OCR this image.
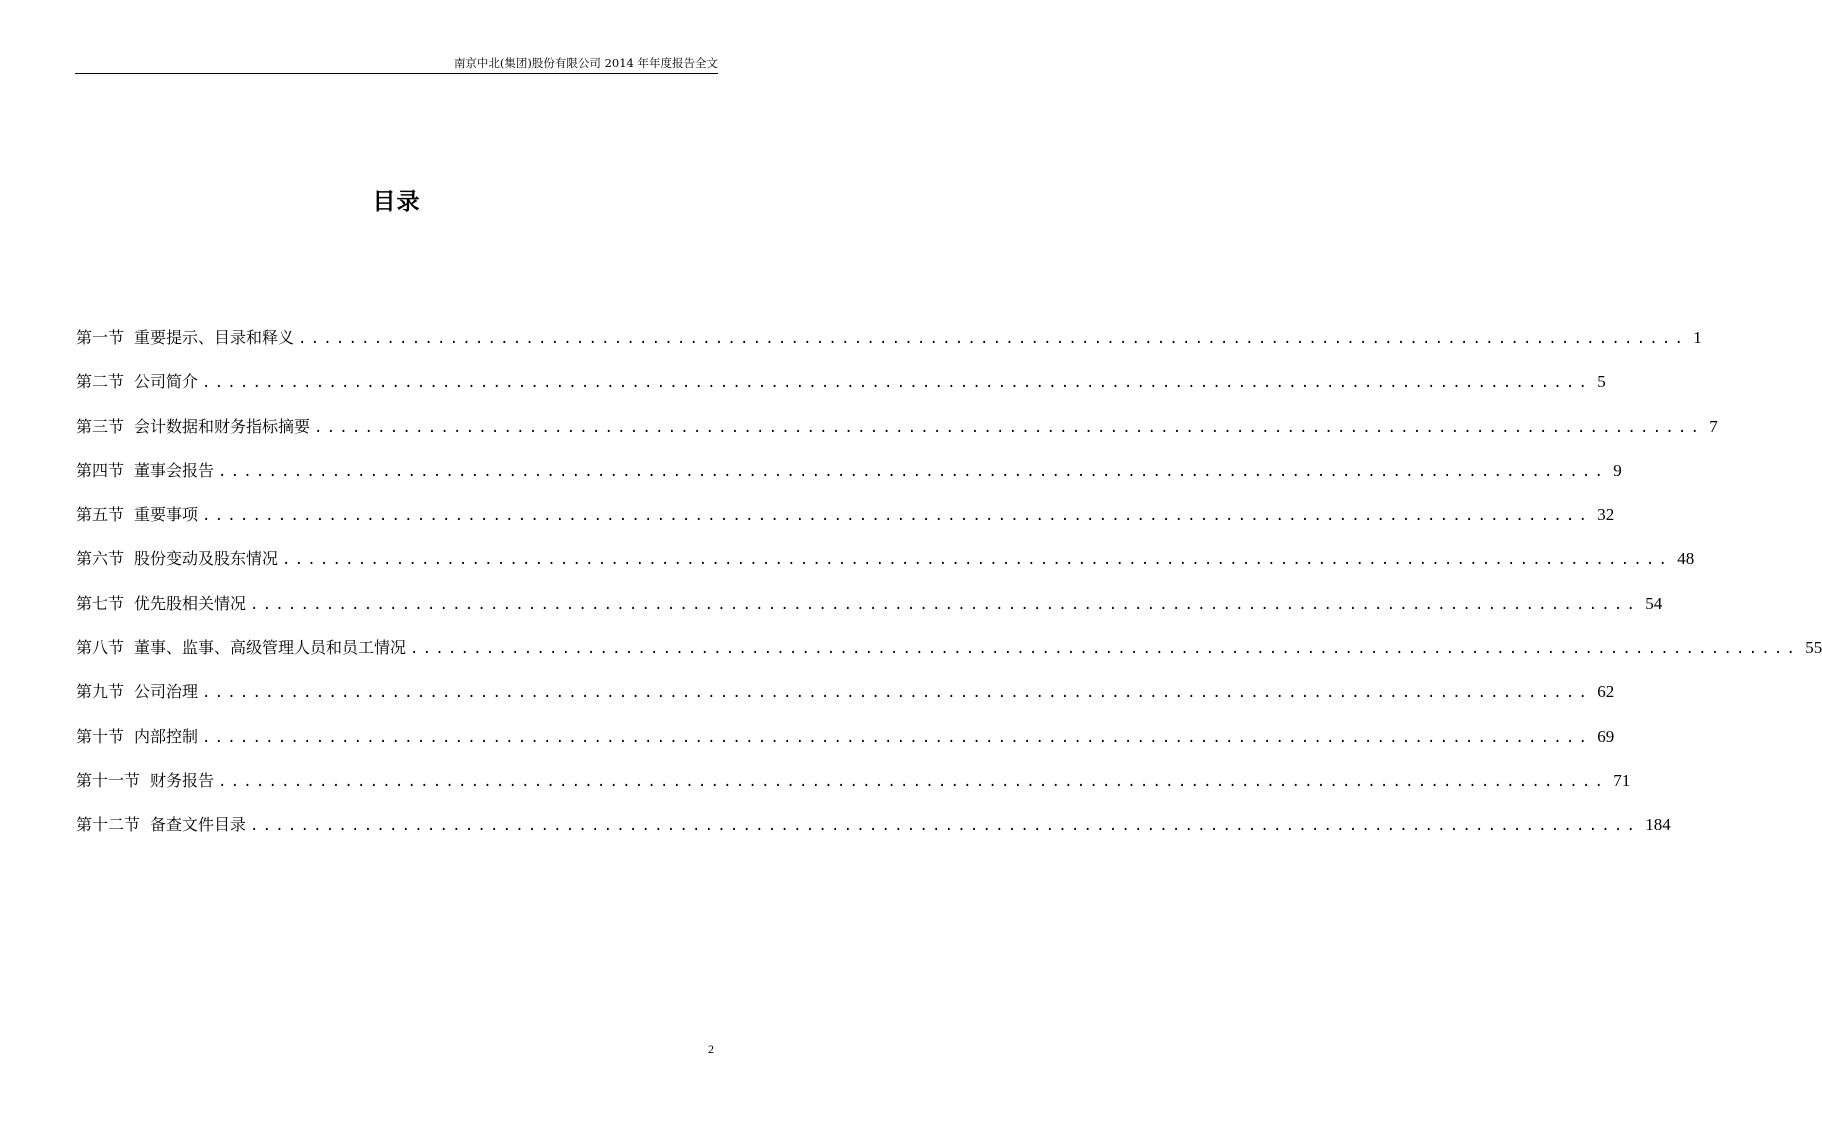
南京中北(集团)股份有限公司 2014 年年度报告全文
目录
第一节 重要提示、目录和释义 .............................................................................................................. 1
第二节 公司简介 .............................................................................................................. 5
第三节 会计数据和财务指标摘要 .............................................................................................................. 7
第四节 董事会报告 .............................................................................................................. 9
第五节 重要事项 .............................................................................................................. 32
第六节 股份变动及股东情况 .............................................................................................................. 48
第七节 优先股相关情况 .............................................................................................................. 54
第八节 董事、监事、高级管理人员和员工情况 .............................................................................................................. 55
第九节 公司治理 .............................................................................................................. 62
第十节 内部控制 .............................................................................................................. 69
第十一节 财务报告 .............................................................................................................. 71
第十二节 备查文件目录 .............................................................................................................. 184
2
